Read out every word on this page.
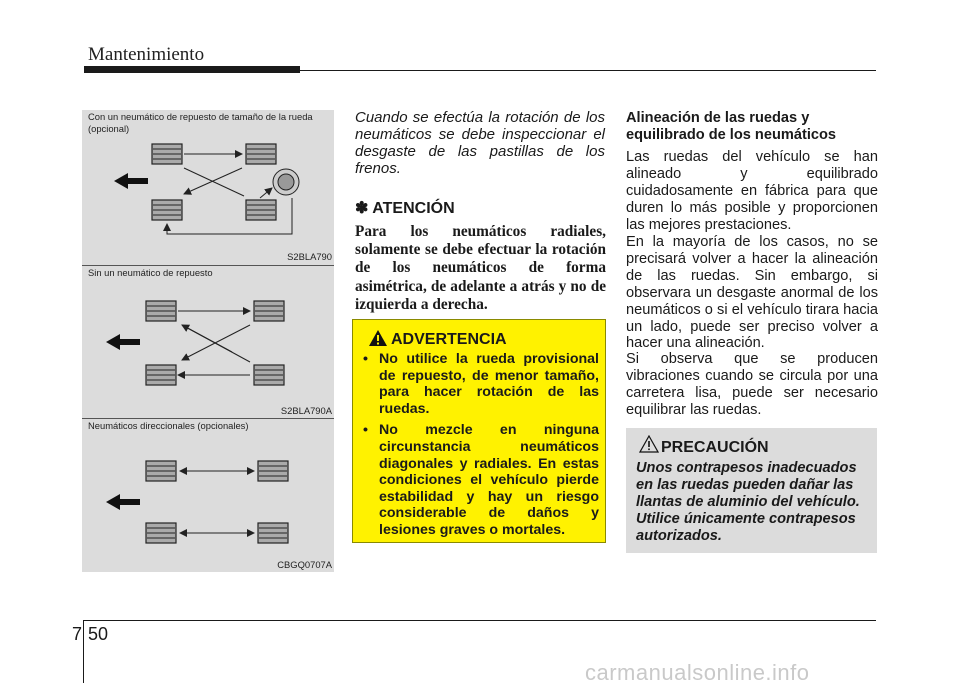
Mantenimiento
Con un neumático de repuesto de tamaño de la rueda (opcional)
S2BLA790
Sin un neumático de repuesto
S2BLA790A
Neumáticos direccionales (opcionales)
CBGQ0707A
Cuando se efectúa la rotación de los neumáticos se debe inspeccionar el desgaste de las pastillas de los frenos.
✽ ATENCIÓN
Para los neumáticos radiales, solamente se debe efectuar la rotación de los neumáticos de forma asimétrica, de adelante a atrás y no de izquierda a derecha.
ADVERTENCIA
• No utilice la rueda provisional de repuesto, de menor tamaño, para hacer rotación de las ruedas.
• No mezcle en ninguna circunstancia neumáticos diagonales y radiales. En estas condiciones el vehículo pierde estabilidad y hay un riesgo considerable de daños y lesiones graves o mortales.
Alineación de las ruedas y equilibrado de los neumáticos
Las ruedas del vehículo se han alineado y equilibrado cuidadosamente en fábrica para que duren lo más posible y proporcionen las mejores prestaciones.
En la mayoría de los casos, no se precisará volver a hacer la alineación de las ruedas. Sin embargo, si observara un desgaste anormal de los neumáticos o si el vehículo tirara hacia un lado, puede ser preciso volver a hacer una alineación.
Si observa que se producen vibraciones cuando se circula por una carretera lisa, puede ser necesario equilibrar las ruedas.
PRECAUCIÓN
Unos contrapesos inadecuados en las ruedas pueden dañar las llantas de aluminio del vehículo. Utilice únicamente contrapesos autorizados.
7 50
carmanualsonline.info
